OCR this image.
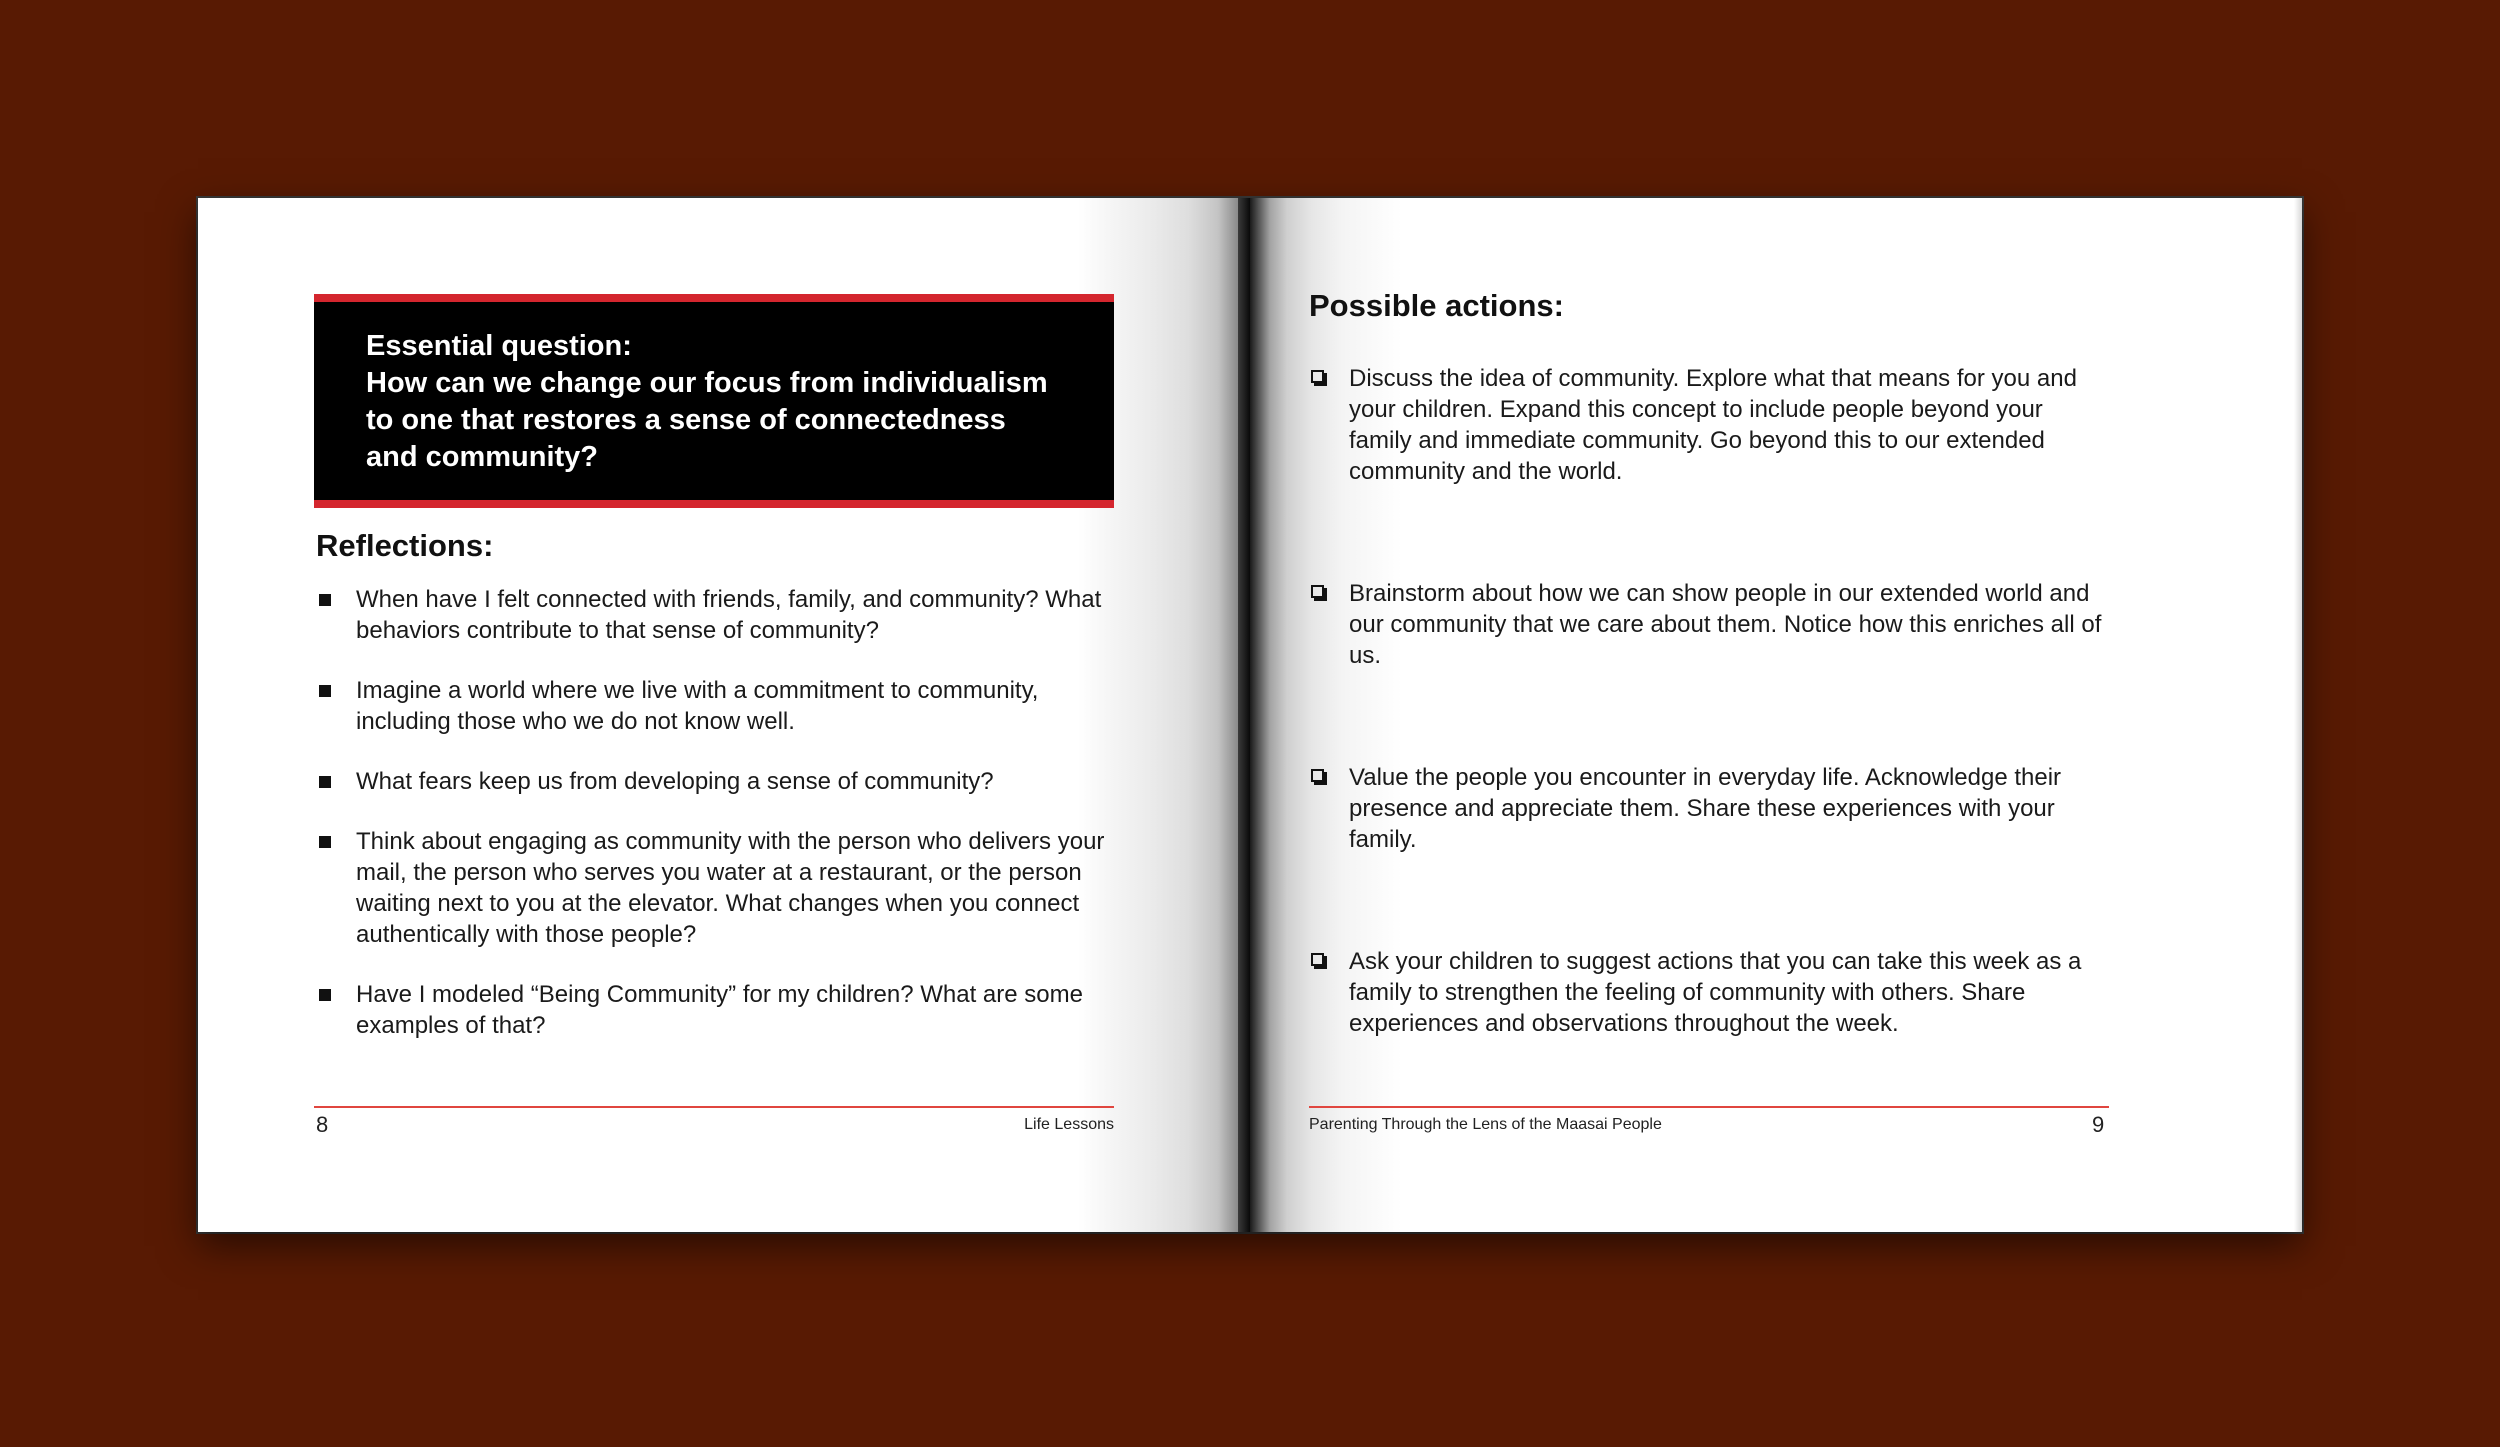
Essential question:
How can we change our focus from individualism to one that restores a sense of connectedness and community?
Reflections:
When have I felt connected with friends, family, and community? What behaviors contribute to that sense of community?
Imagine a world where we live with a commitment to community, including those who we do not know well.
What fears keep us from developing a sense of community?
Think about engaging as community with the person who delivers your mail, the person who serves you water at a restaurant, or the person waiting next to you at the elevator. What changes when you connect authentically with those people?
Have I modeled “Being Community” for my children? What are some examples of that?
8	Life Lessons
Possible actions:
Discuss the idea of community. Explore what that means for you and your children. Expand this concept to include people beyond your family and immediate community. Go beyond this to our extended community and the world.
Brainstorm about how we can show people in our extended world and our community that we care about them. Notice how this enriches all of us.
Value the people you encounter in everyday life. Acknowledge their presence and appreciate them. Share these experiences with your family.
Ask your children to suggest actions that you can take this week as a family to strengthen the feeling of community with others. Share experiences and observations throughout the week.
Parenting Through the Lens of the Maasai People	9
